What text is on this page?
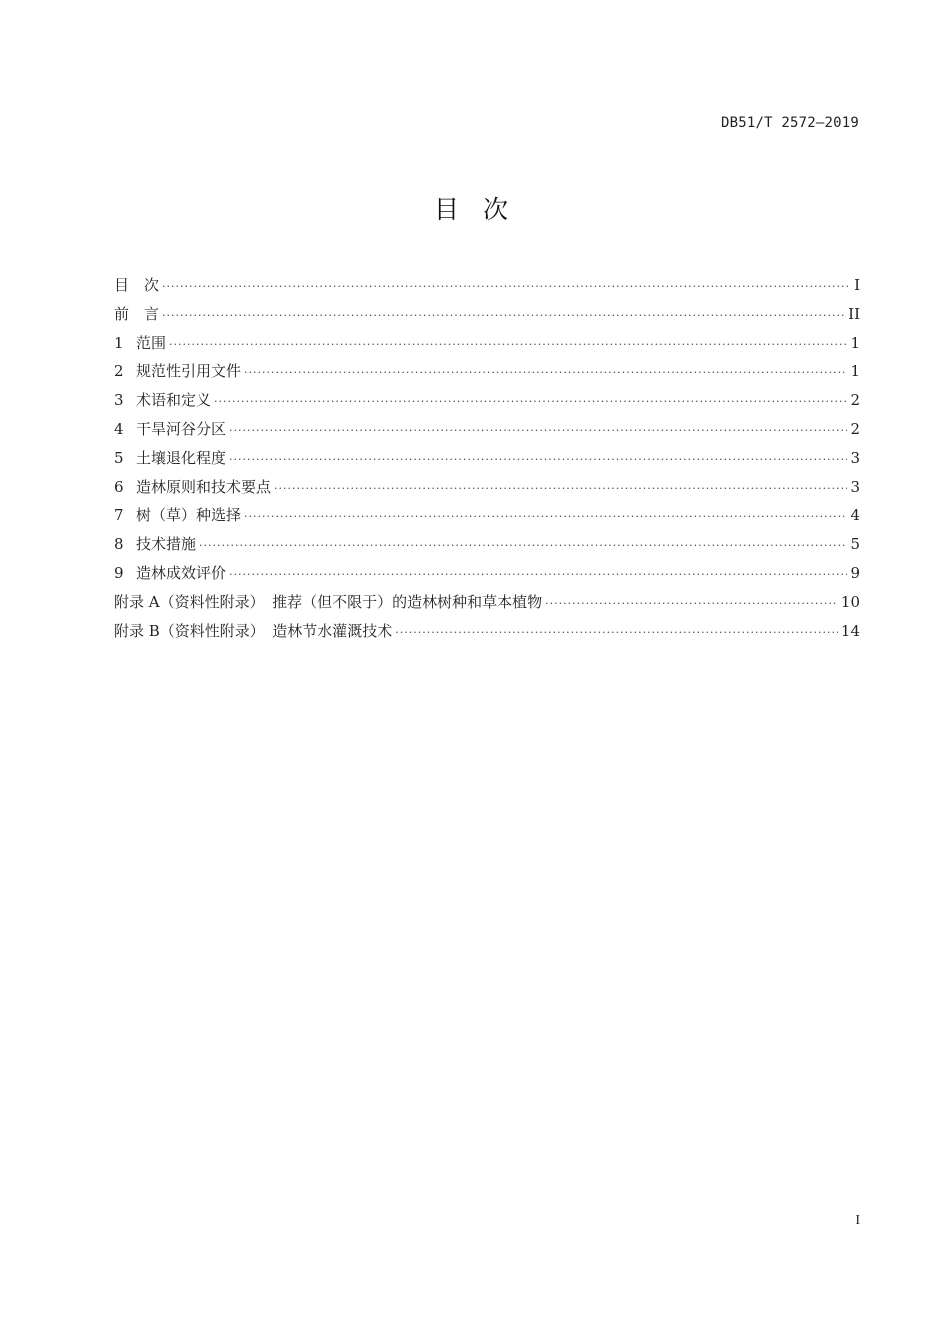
DB51/T 2572—2019
目 次
目　次 ·····	I
前　言 ·····	II
1 范围 ·····	1
2 规范性引用文件 ·····	1
3 术语和定义 ·····	2
4 干旱河谷分区 ·····	2
5 土壤退化程度 ·····	3
6 造林原则和技术要点 ·····	3
7 树（草）种选择 ·····	4
8 技术措施 ·····	5
9 造林成效评价 ·····	9
附录 A（资料性附录）　推荐（但不限于）的造林树种和草本植物 ·····	10
附录 B（资料性附录）　造林节水灌溉技术 ·····	14
I
